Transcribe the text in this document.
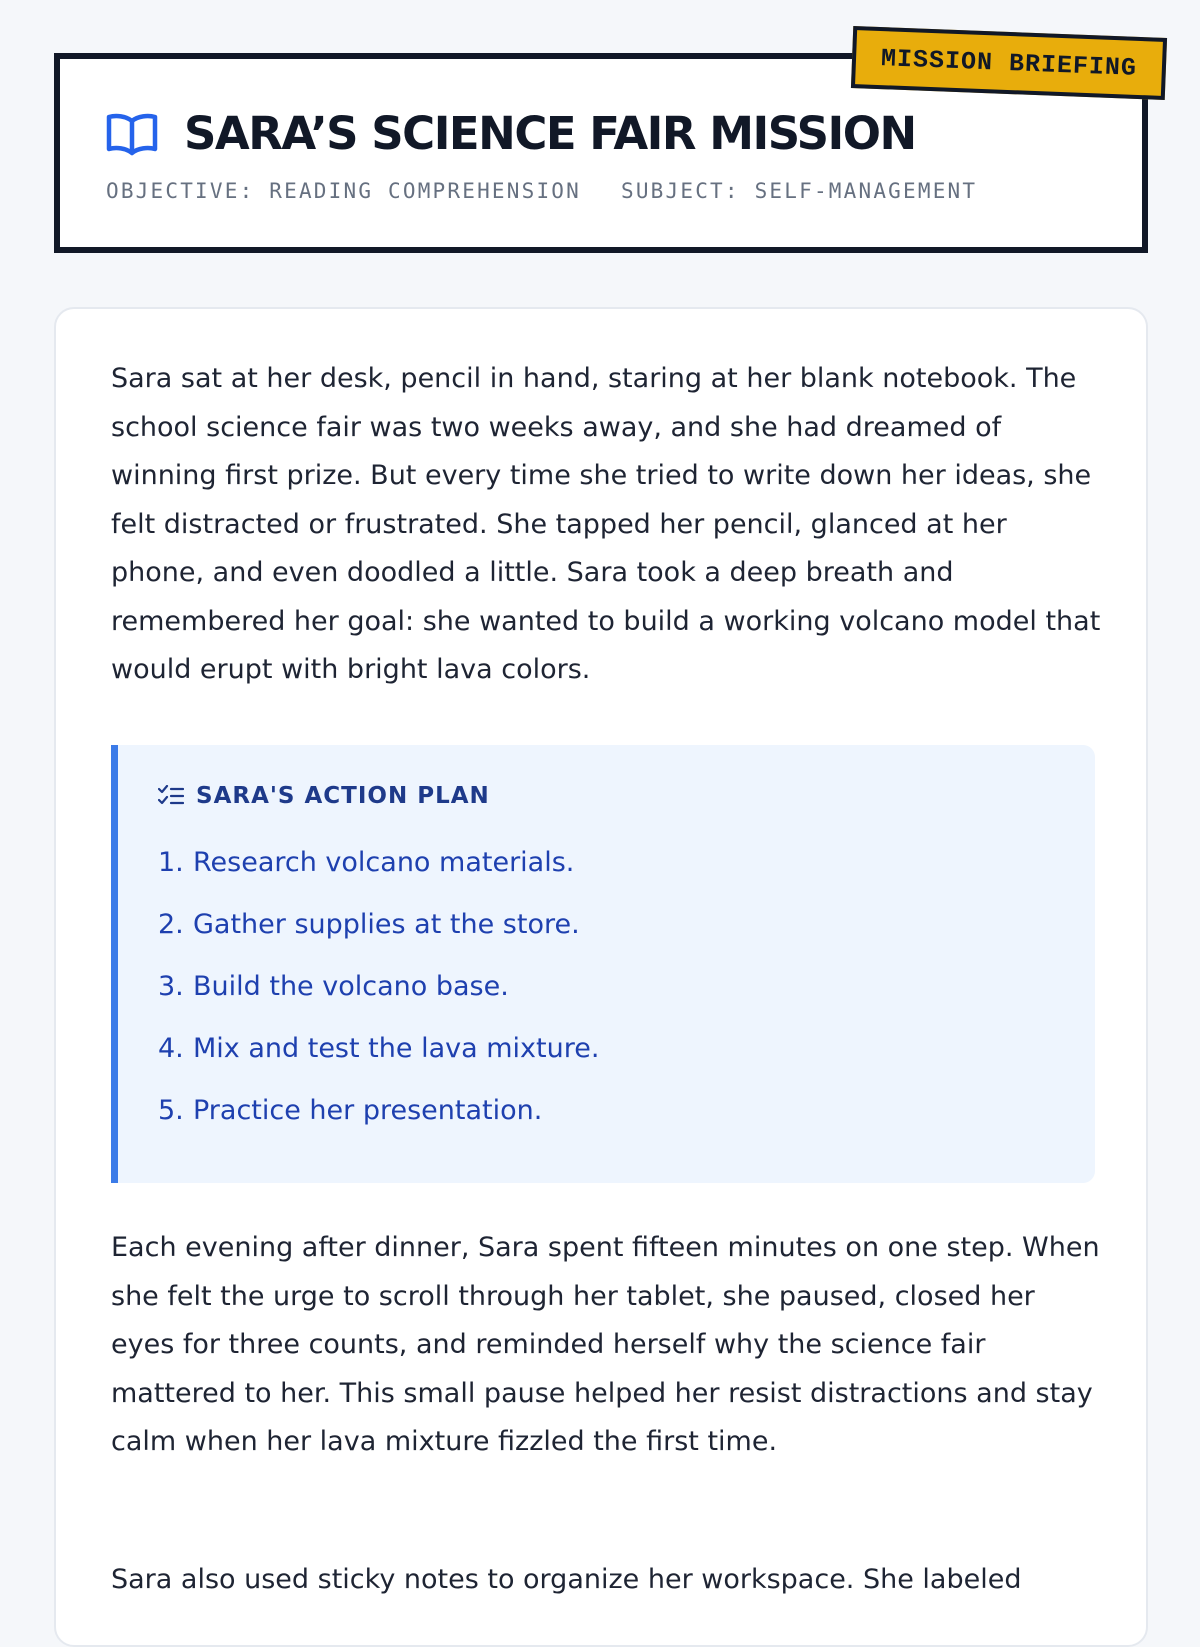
SARA’S SCIENCE FAIR MISSION
OBJECTIVE: READING COMPREHENSION SUBJECT: SELF-MANAGEMENT
MISSION BRIEFING

Sara sat at her desk, pencil in hand, staring at her blank notebook. The school science fair was two weeks away, and she had dreamed of winning first prize. But every time she tried to write down her ideas, she felt distracted or frustrated. She tapped her pencil, glanced at her phone, and even doodled a little. Sara took a deep breath and remembered her goal: she wanted to build a working volcano model that would erupt with bright lava colors.

SARA'S ACTION PLAN
1. Research volcano materials.
2. Gather supplies at the store.
3. Build the volcano base.
4. Mix and test the lava mixture.
5. Practice her presentation.

Each evening after dinner, Sara spent fifteen minutes on one step. When she felt the urge to scroll through her tablet, she paused, closed her eyes for three counts, and reminded herself why the science fair mattered to her. This small pause helped her resist distractions and stay calm when her lava mixture fizzled the first time.

Sara also used sticky notes to organize her workspace. She labeled
